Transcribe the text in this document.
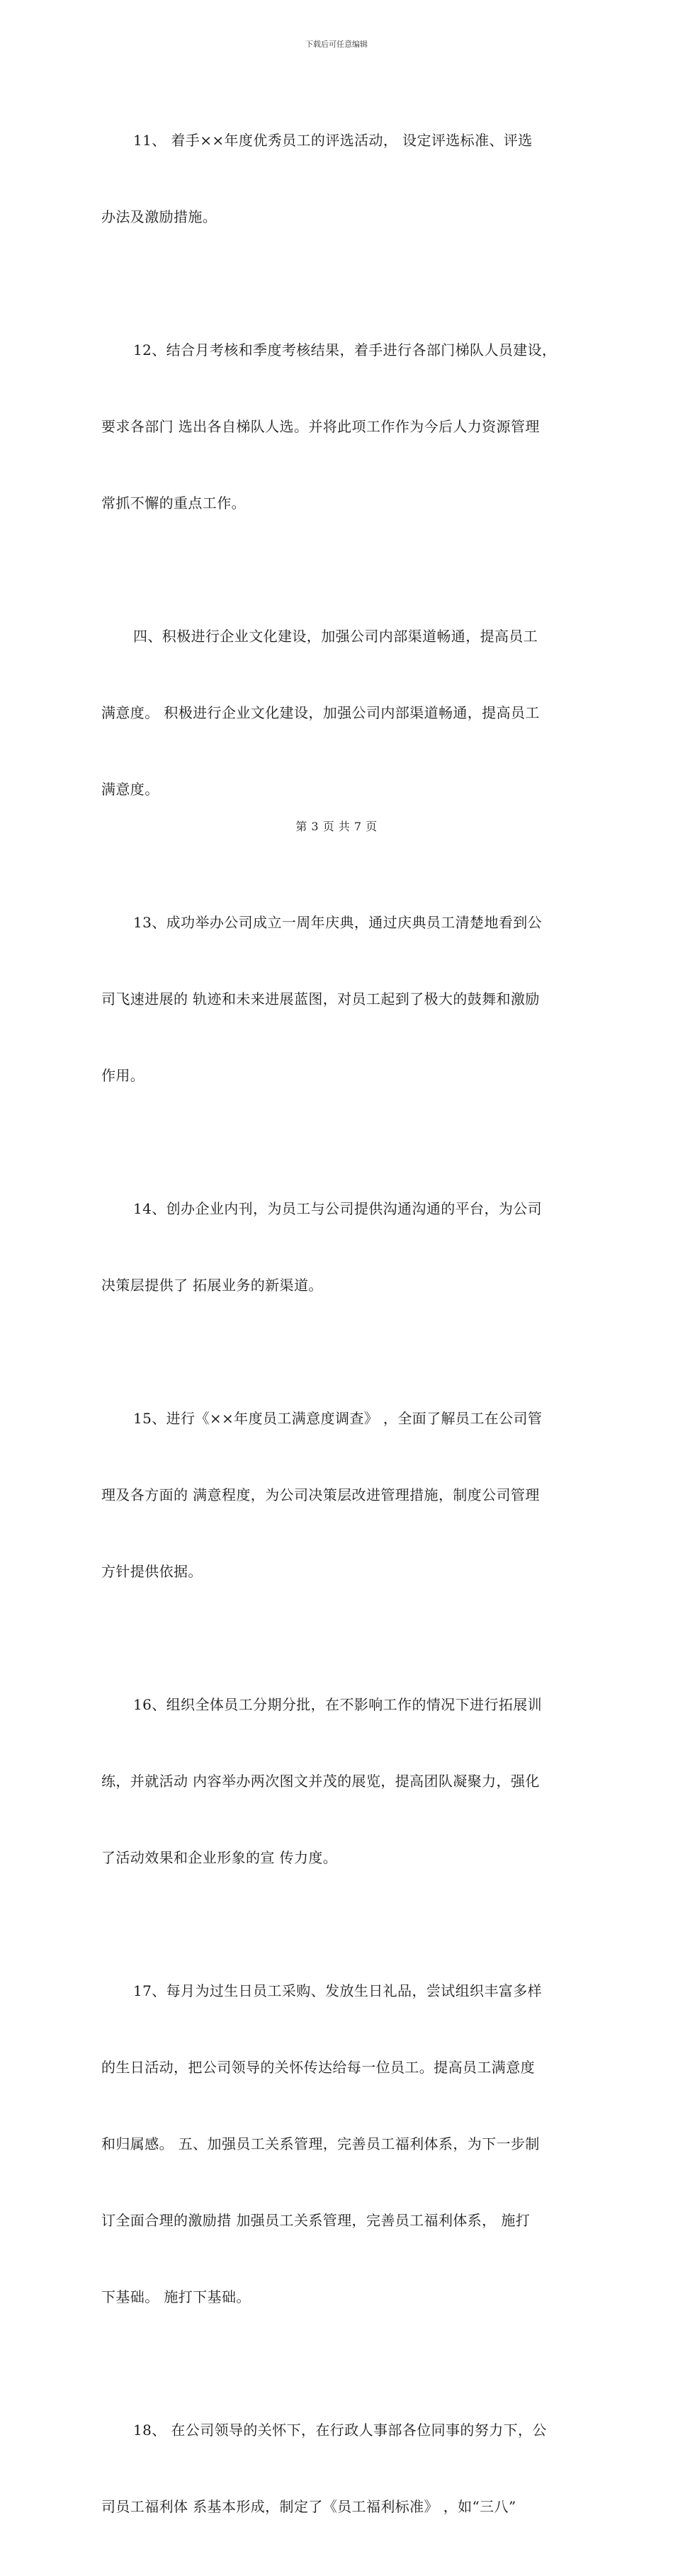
下载后可任意编辑

11、 着手××年度优秀员工的评选活动， 设定评选标准、评选

办法及激励措施。

12、结合月考核和季度考核结果，着手进行各部门梯队人员建设，

要求各部门 选出各自梯队人选。并将此项工作作为今后人力资源管理

常抓不懈的重点工作。

四、积极进行企业文化建设，加强公司内部渠道畅通，提高员工

满意度。 积极进行企业文化建设，加强公司内部渠道畅通，提高员工

满意度。

13、成功举办公司成立一周年庆典，通过庆典员工清楚地看到公

司飞速进展的 轨迹和未来进展蓝图，对员工起到了极大的鼓舞和激励

作用。

14、创办企业内刊，为员工与公司提供沟通沟通的平台，为公司

决策层提供了 拓展业务的新渠道。

15、进行《××年度员工满意度调查》 ，全面了解员工在公司管

理及各方面的 满意程度，为公司决策层改进管理措施，制度公司管理

方针提供依据。

16、组织全体员工分期分批，在不影响工作的情况下进行拓展训

练，并就活动 内容举办两次图文并茂的展览，提高团队凝聚力，强化

了活动效果和企业形象的宣 传力度。

17、每月为过生日员工采购、发放生日礼品，尝试组织丰富多样

的生日活动，把公司领导的关怀传达给每一位员工。提高员工满意度

和归属感。 五、加强员工关系管理，完善员工福利体系，为下一步制

订全面合理的激励措 加强员工关系管理，完善员工福利体系， 施打

下基础。 施打下基础。

18、 在公司领导的关怀下，在行政人事部各位同事的努力下，公

司员工福利体 系基本形成，制定了《员工福利标准》 ，如“三八”

第 3 页 共 7 页
